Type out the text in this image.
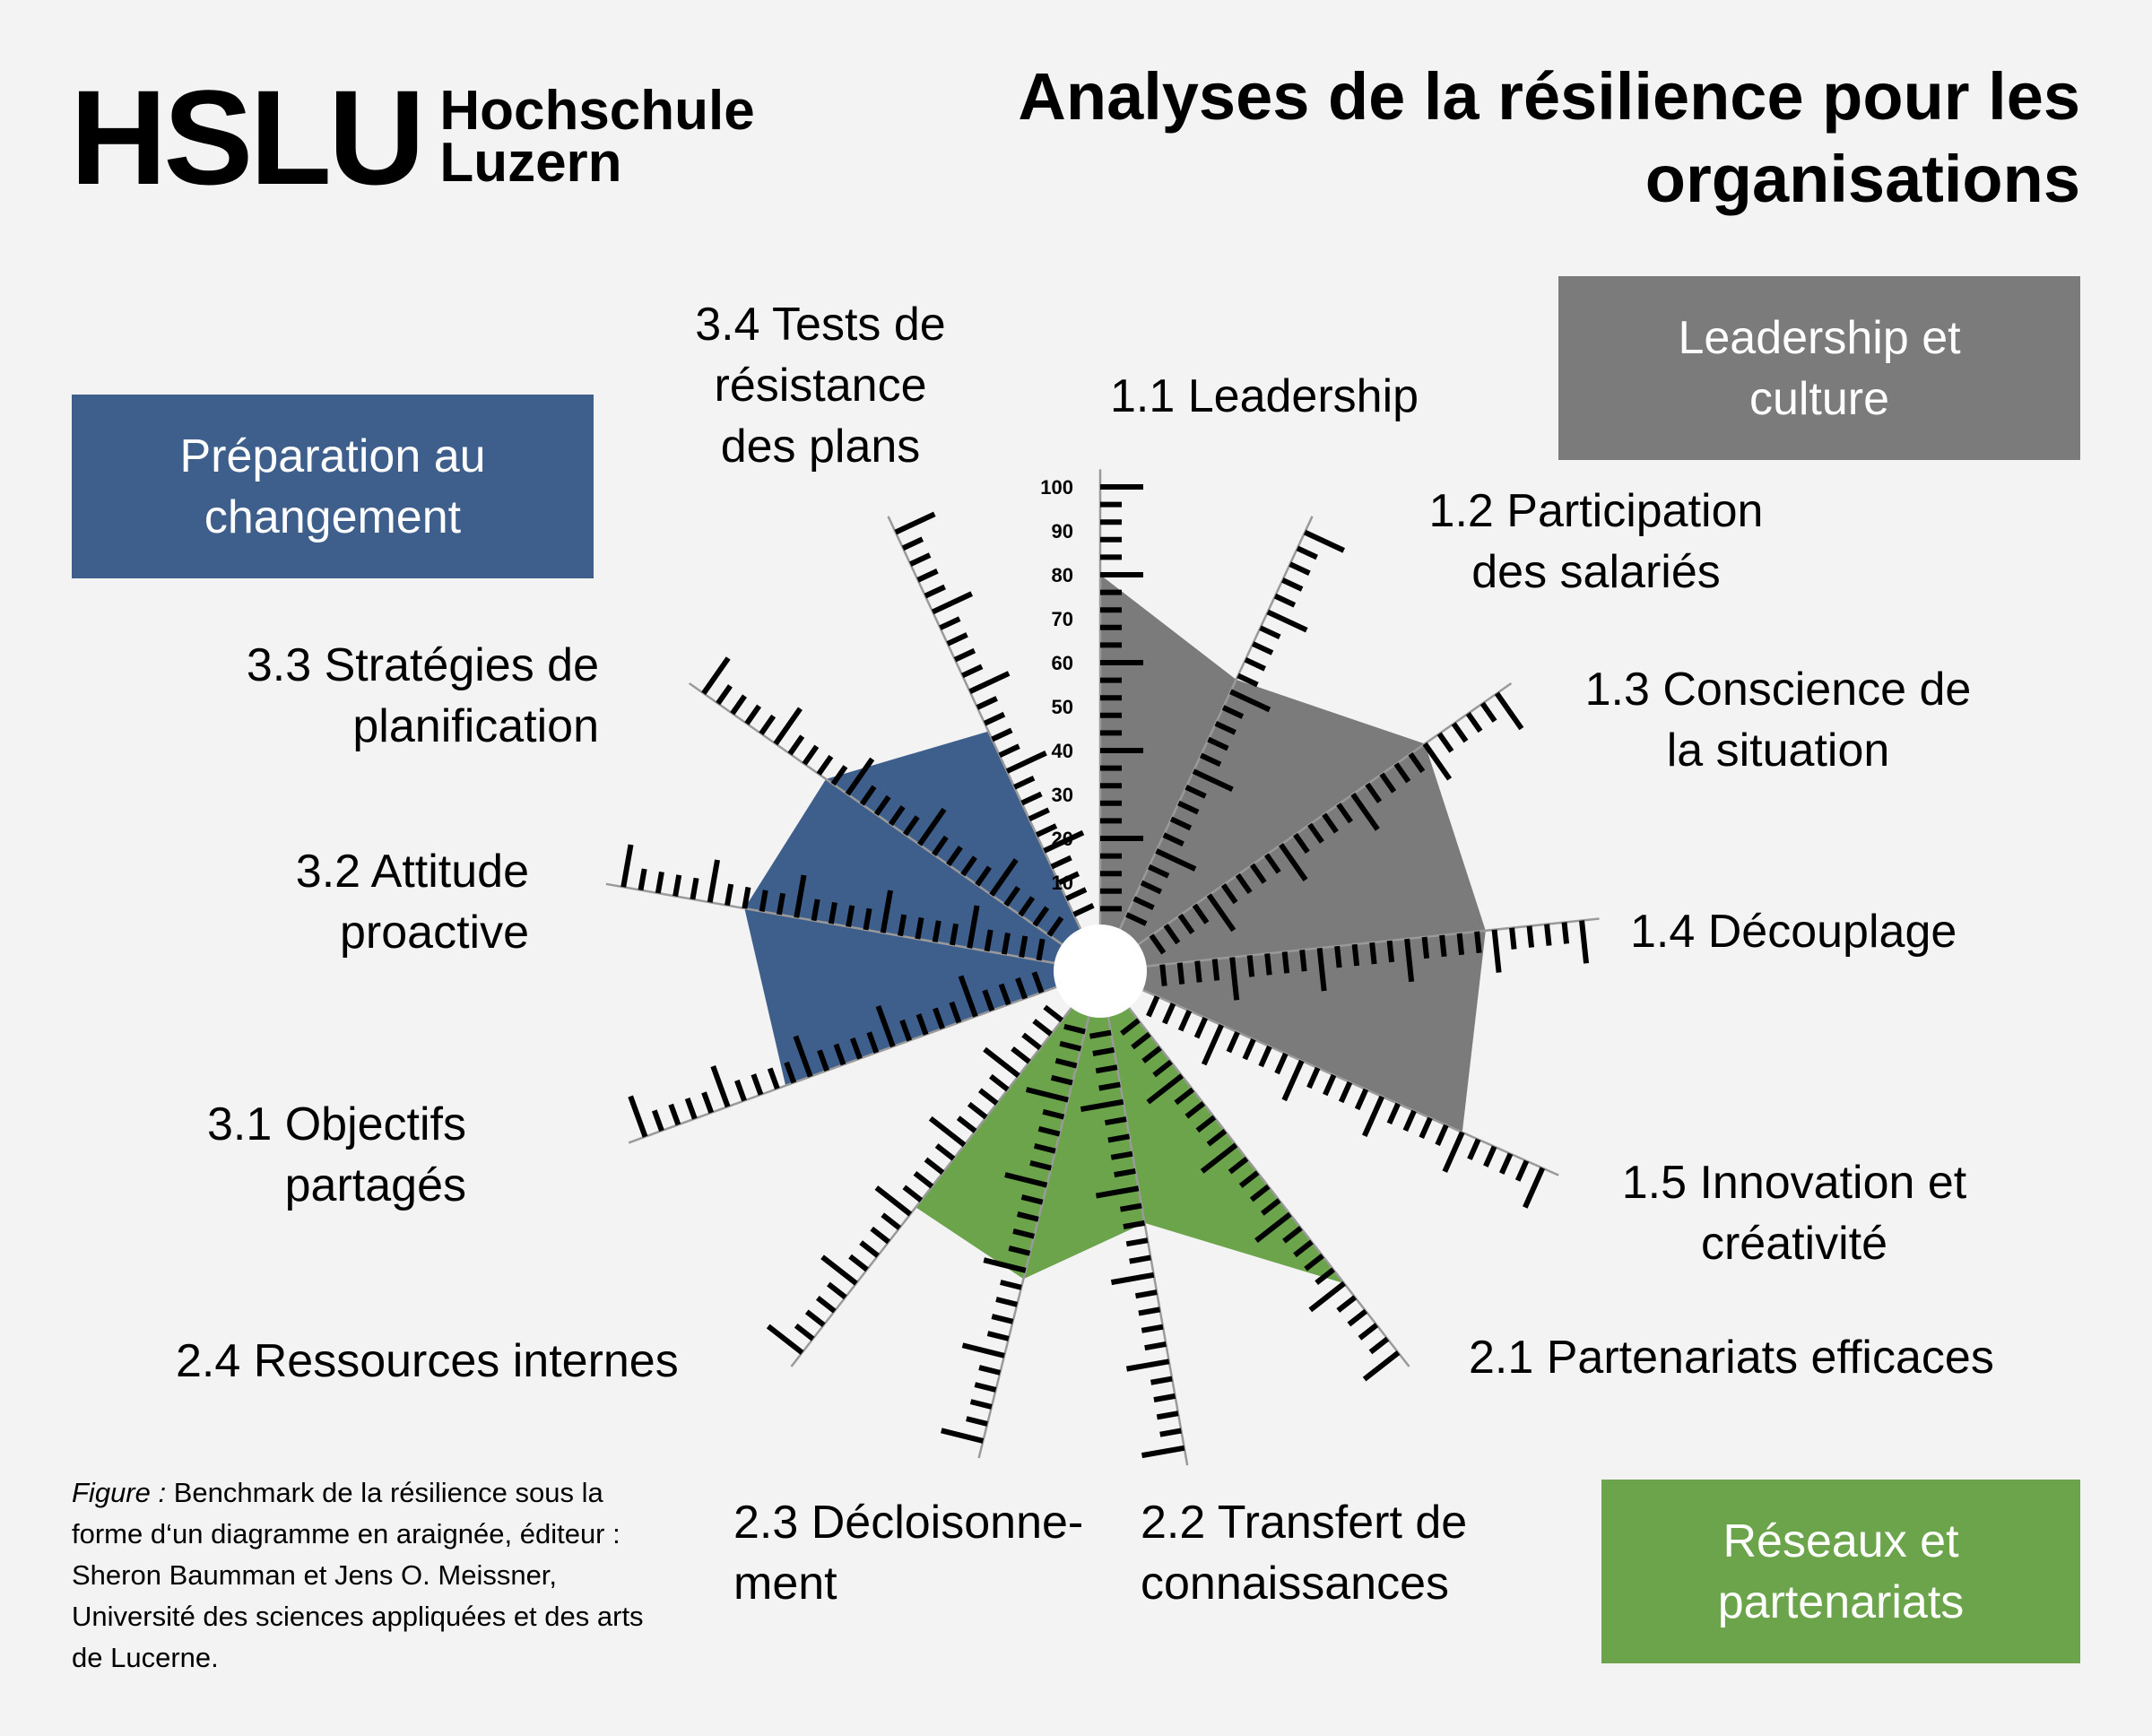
HSLU Hochschule
Luzern
Analyses de la résilience pour les organisations
Leadership et culture
Préparation au changement
Réseaux et partenariats
10
20
30
40
50
60
70
80
90
100
1.1 Leadership
1.2 Participation des salariés
1.3 Conscience de la situation
1.4 Découplage
1.5 Innovation et créativité
2.1 Partenariats efficaces
2.2 Transfert de connaissances
2.3 Décloisonne-ment
2.4 Ressources internes
3.1 Objectifs partagés
3.2 Attitude proactive
3.3 Stratégies de planification
3.4 Tests de résistance des plans
Figure : Benchmark de la résilience sous la forme d‘un diagramme en araignée, éditeur : Sheron Baumman et Jens O. Meissner, Université des sciences appliquées et des arts de Lucerne.
